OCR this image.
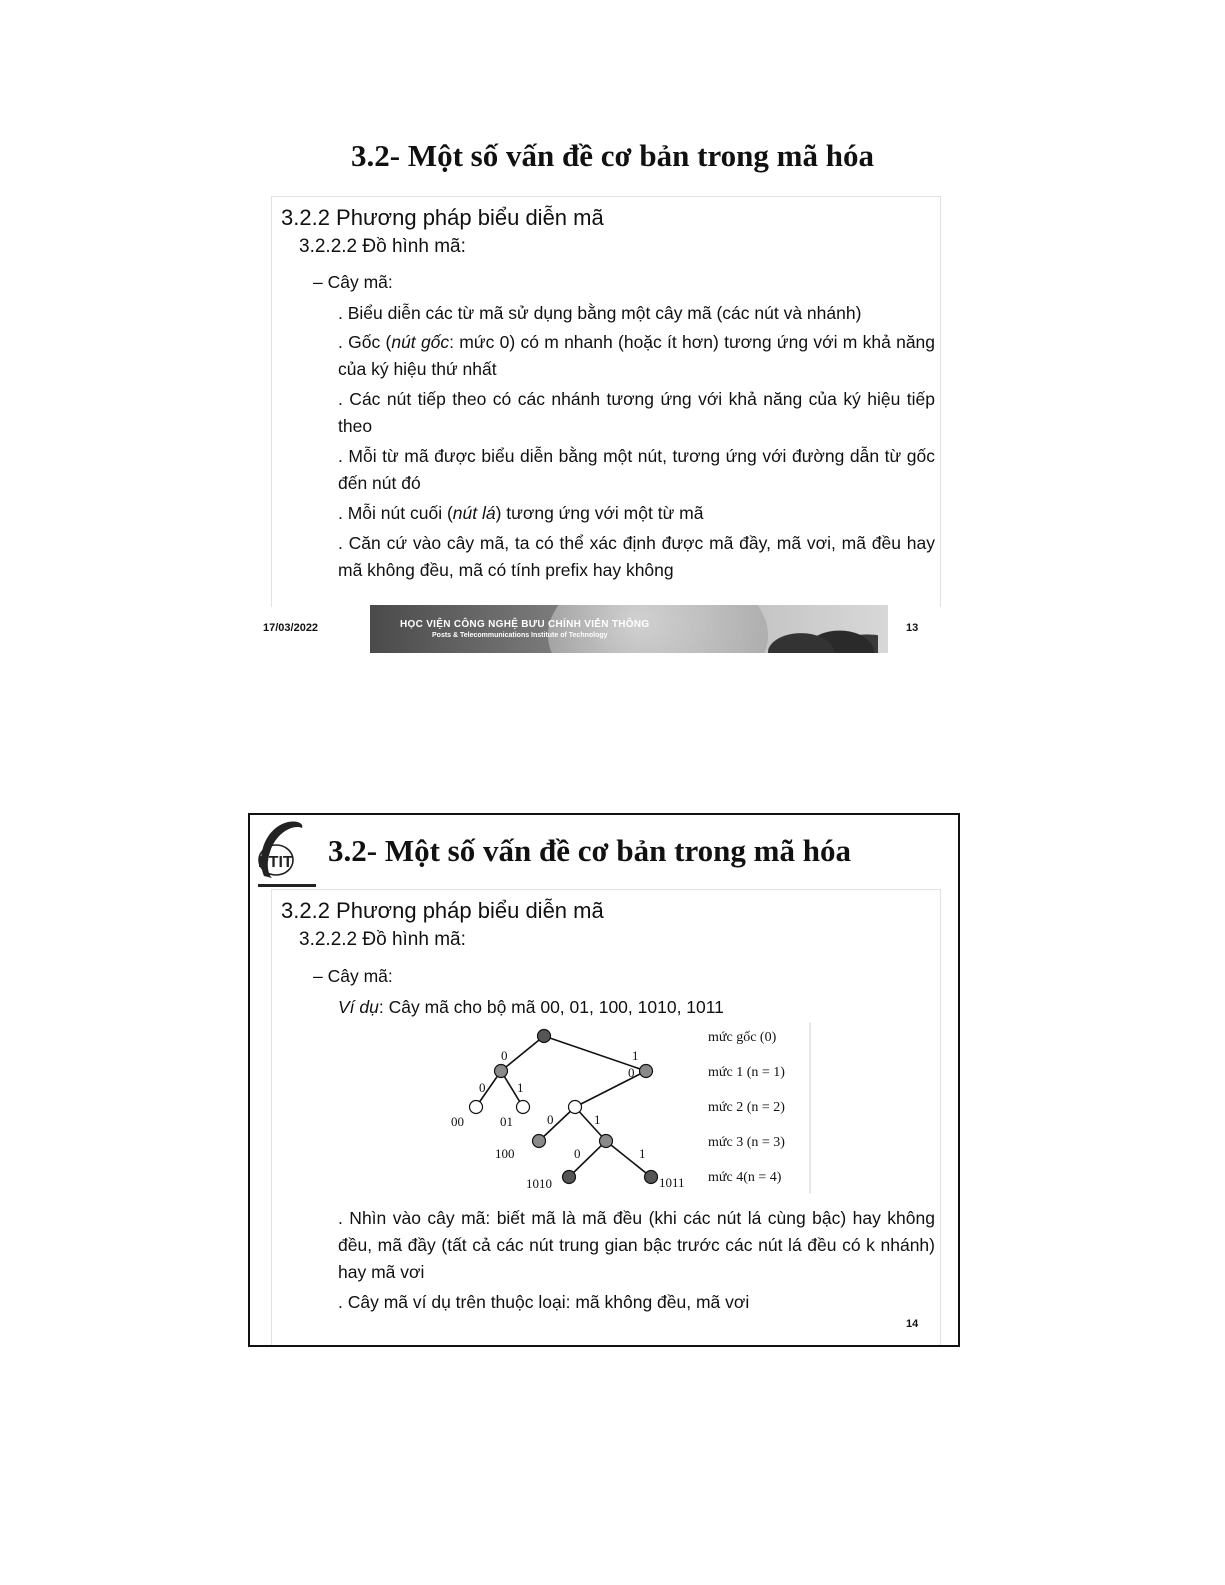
3.2- Một số vấn đề cơ bản trong mã hóa
3.2.2 Phương pháp biểu diễn mã
3.2.2.2 Đồ hình mã:
– Cây mã:
. Biểu diễn các từ mã sử dụng bằng một cây mã (các nút và nhánh)
. Gốc (nút gốc: mức 0) có m nhanh (hoặc ít hơn) tương ứng với m khả năng của ký hiệu thứ nhất
. Các nút tiếp theo có các nhánh tương ứng với khả năng của ký hiệu tiếp theo
. Mỗi từ mã được biểu diễn bằng một nút, tương ứng với đường dẫn từ gốc đến nút đó
. Mỗi nút cuối (nút lá) tương ứng với một từ mã
. Căn cứ vào cây mã, ta có thể xác định được mã đầy, mã vơi, mã đều hay mã không đều, mã có tính prefix hay không
17/03/2022	HỌC VIỆN CÔNG NGHỆ BƯU CHÍNH VIỄN THÔNG
Posts & Telecommunications Institute of Technology
13
PTIT 3.2- Một số vấn đề cơ bản trong mã hóa
3.2.2 Phương pháp biểu diễn mã
3.2.2.2 Đồ hình mã:
– Cây mã:
Ví dụ: Cây mã cho bộ mã 00, 01, 100, 1010, 1011
. Nhìn vào cây mã: biết mã là mã đều (khi các nút lá cùng bậc) hay không đều, mã đầy (tất cả các nút trung gian bậc trước các nút lá đều có k nhánh) hay mã vơi
. Cây mã ví dụ trên thuộc loại: mã không đều, mã vơi
0	1
0 1
0
0	1
0	1
00	01
100
1010	1011
mức gốc (0)
mức 1 (n = 1)
mức 2 (n = 2)
mức 3 (n = 3)
mức 4(n = 4)
14
